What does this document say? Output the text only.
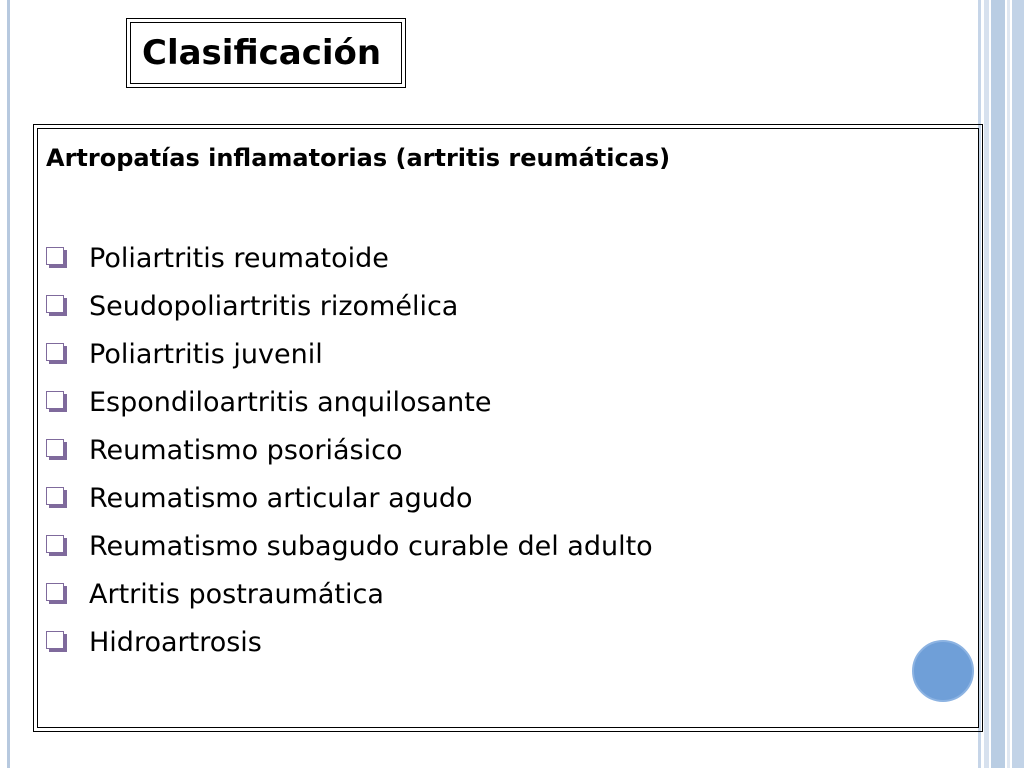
Clasificación
Artropatías inflamatorias (artritis reumáticas)
Poliartritis reumatoide
Seudopoliartritis rizomélica
Poliartritis juvenil
Espondiloartritis anquilosante
Reumatismo psoriásico
Reumatismo articular agudo
Reumatismo subagudo curable del adulto
Artritis postraumática
Hidroartrosis
